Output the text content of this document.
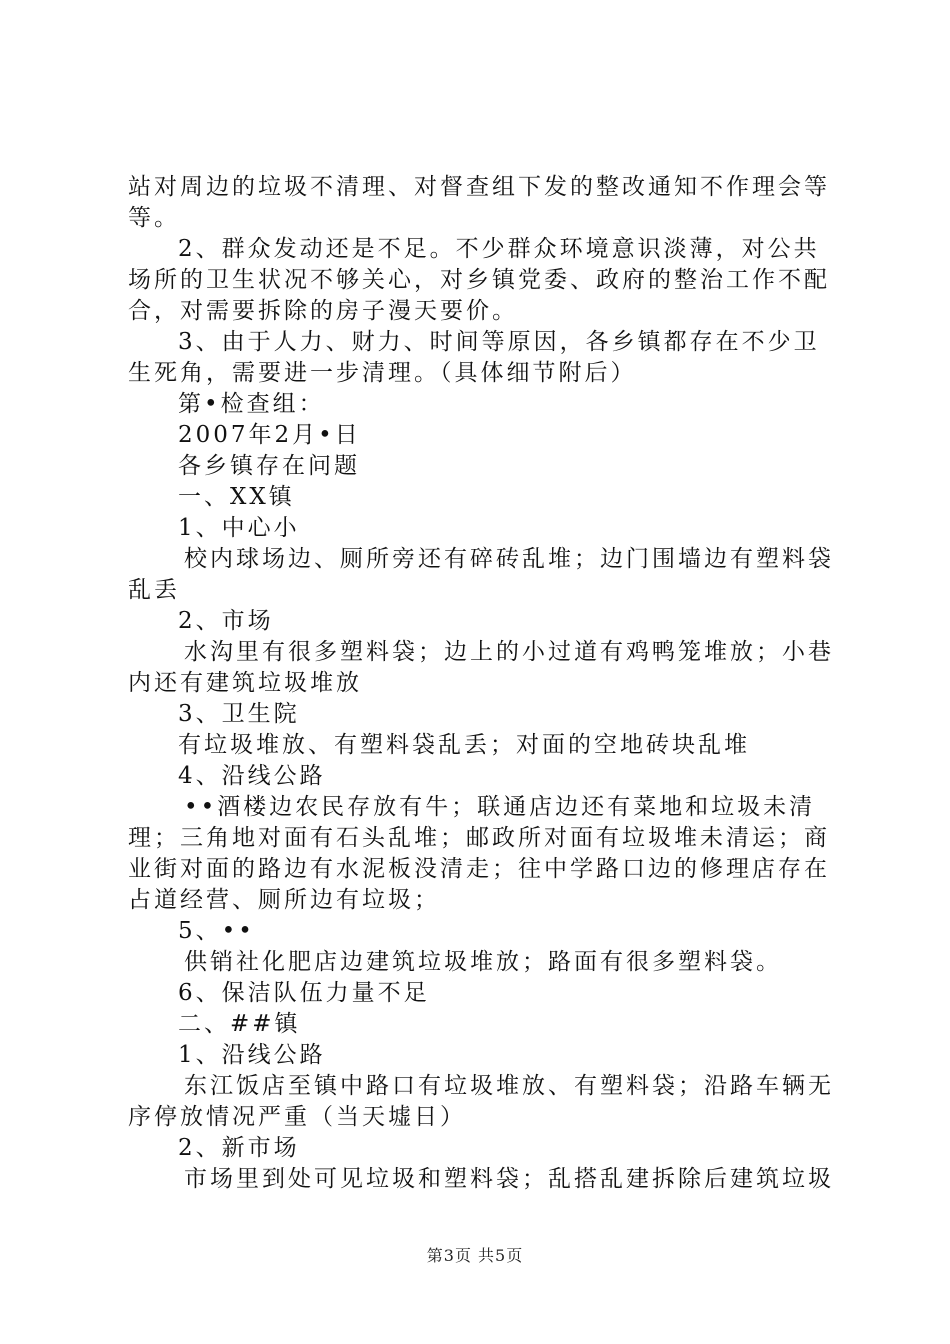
站对周边的垃圾不清理、对督查组下发的整改通知不作理会等等。

2、群众发动还是不足。不少群众环境意识淡薄，对公共场所的卫生状况不够关心，对乡镇党委、政府的整治工作不配合，对需要拆除的房子漫天要价。

3、由于人力、财力、时间等原因，各乡镇都存在不少卫生死角，需要进一步清理。（具体细节附后）

第•检查组：

2007年2月•日

各乡镇存在问题

一、XX镇

1、中心小

校内球场边、厕所旁还有碎砖乱堆；边门围墙边有塑料袋乱丢

2、市场

水沟里有很多塑料袋；边上的小过道有鸡鸭笼堆放；小巷内还有建筑垃圾堆放

3、卫生院

有垃圾堆放、有塑料袋乱丢；对面的空地砖块乱堆

4、沿线公路

••酒楼边农民存放有牛；联通店边还有菜地和垃圾未清理；三角地对面有石头乱堆；邮政所对面有垃圾堆未清运；商业街对面的路边有水泥板没清走；往中学路口边的修理店存在占道经营、厕所边有垃圾；

5、••

供销社化肥店边建筑垃圾堆放；路面有很多塑料袋。

6、保洁队伍力量不足

二、##镇

1、沿线公路

东江饭店至镇中路口有垃圾堆放、有塑料袋；沿路车辆无序停放情况严重（当天墟日）

2、新市场

市场里到处可见垃圾和塑料袋；乱搭乱建拆除后建筑垃圾

第3页 共5页
